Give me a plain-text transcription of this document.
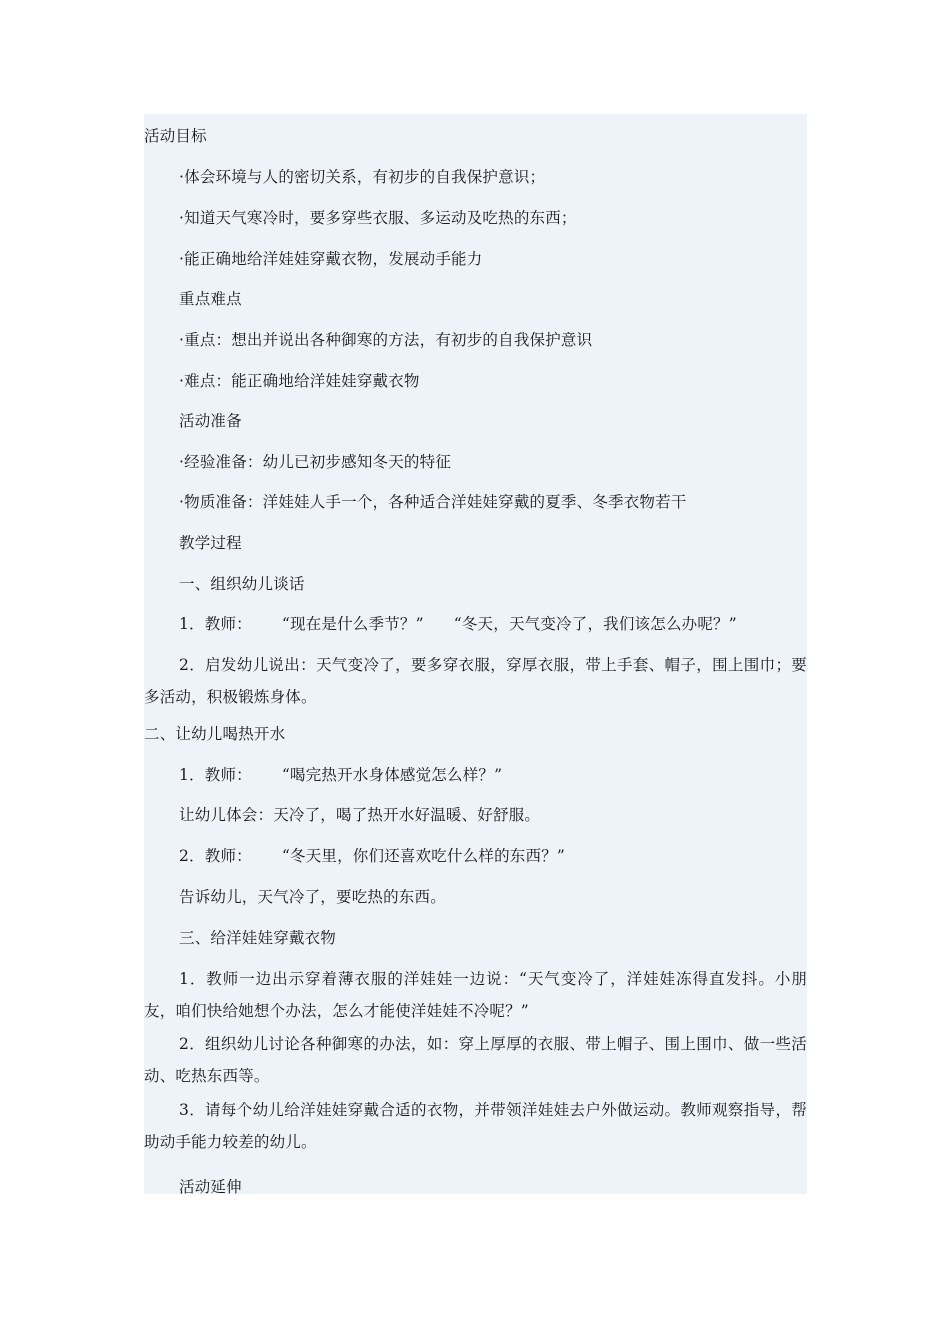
活动目标
·体会环境与人的密切关系，有初步的自我保护意识；
·知道天气寒冷时，要多穿些衣服、多运动及吃热的东西；
·能正确地给洋娃娃穿戴衣物，发展动手能力
重点难点
·重点：想出并说出各种御寒的方法，有初步的自我保护意识
·难点：能正确地给洋娃娃穿戴衣物
活动准备
·经验准备：幼儿已初步感知冬天的特征
·物质准备：洋娃娃人手一个，各种适合洋娃娃穿戴的夏季、冬季衣物若干
教学过程
一、组织幼儿谈话
1．教师： “现在是什么季节？” “冬天，天气变冷了，我们该怎么办呢？”
2．启发幼儿说出：天气变冷了，要多穿衣服，穿厚衣服，带上手套、帽子，围上围巾；要多活动，积极锻炼身体。
二、让幼儿喝热开水
1．教师： “喝完热开水身体感觉怎么样？”
让幼儿体会：天冷了，喝了热开水好温暖、好舒服。
2．教师： “冬天里，你们还喜欢吃什么样的东西？”
告诉幼儿，天气冷了，要吃热的东西。
三、给洋娃娃穿戴衣物
1．教师一边出示穿着薄衣服的洋娃娃一边说：“天气变冷了，洋娃娃冻得直发抖。小朋友，咱们快给她想个办法，怎么才能使洋娃娃不冷呢？”
2．组织幼儿讨论各种御寒的办法，如：穿上厚厚的衣服、带上帽子、围上围巾、做一些活动、吃热东西等。
3．请每个幼儿给洋娃娃穿戴合适的衣物，并带领洋娃娃去户外做运动。教师观察指导，帮助动手能力较差的幼儿。
活动延伸
